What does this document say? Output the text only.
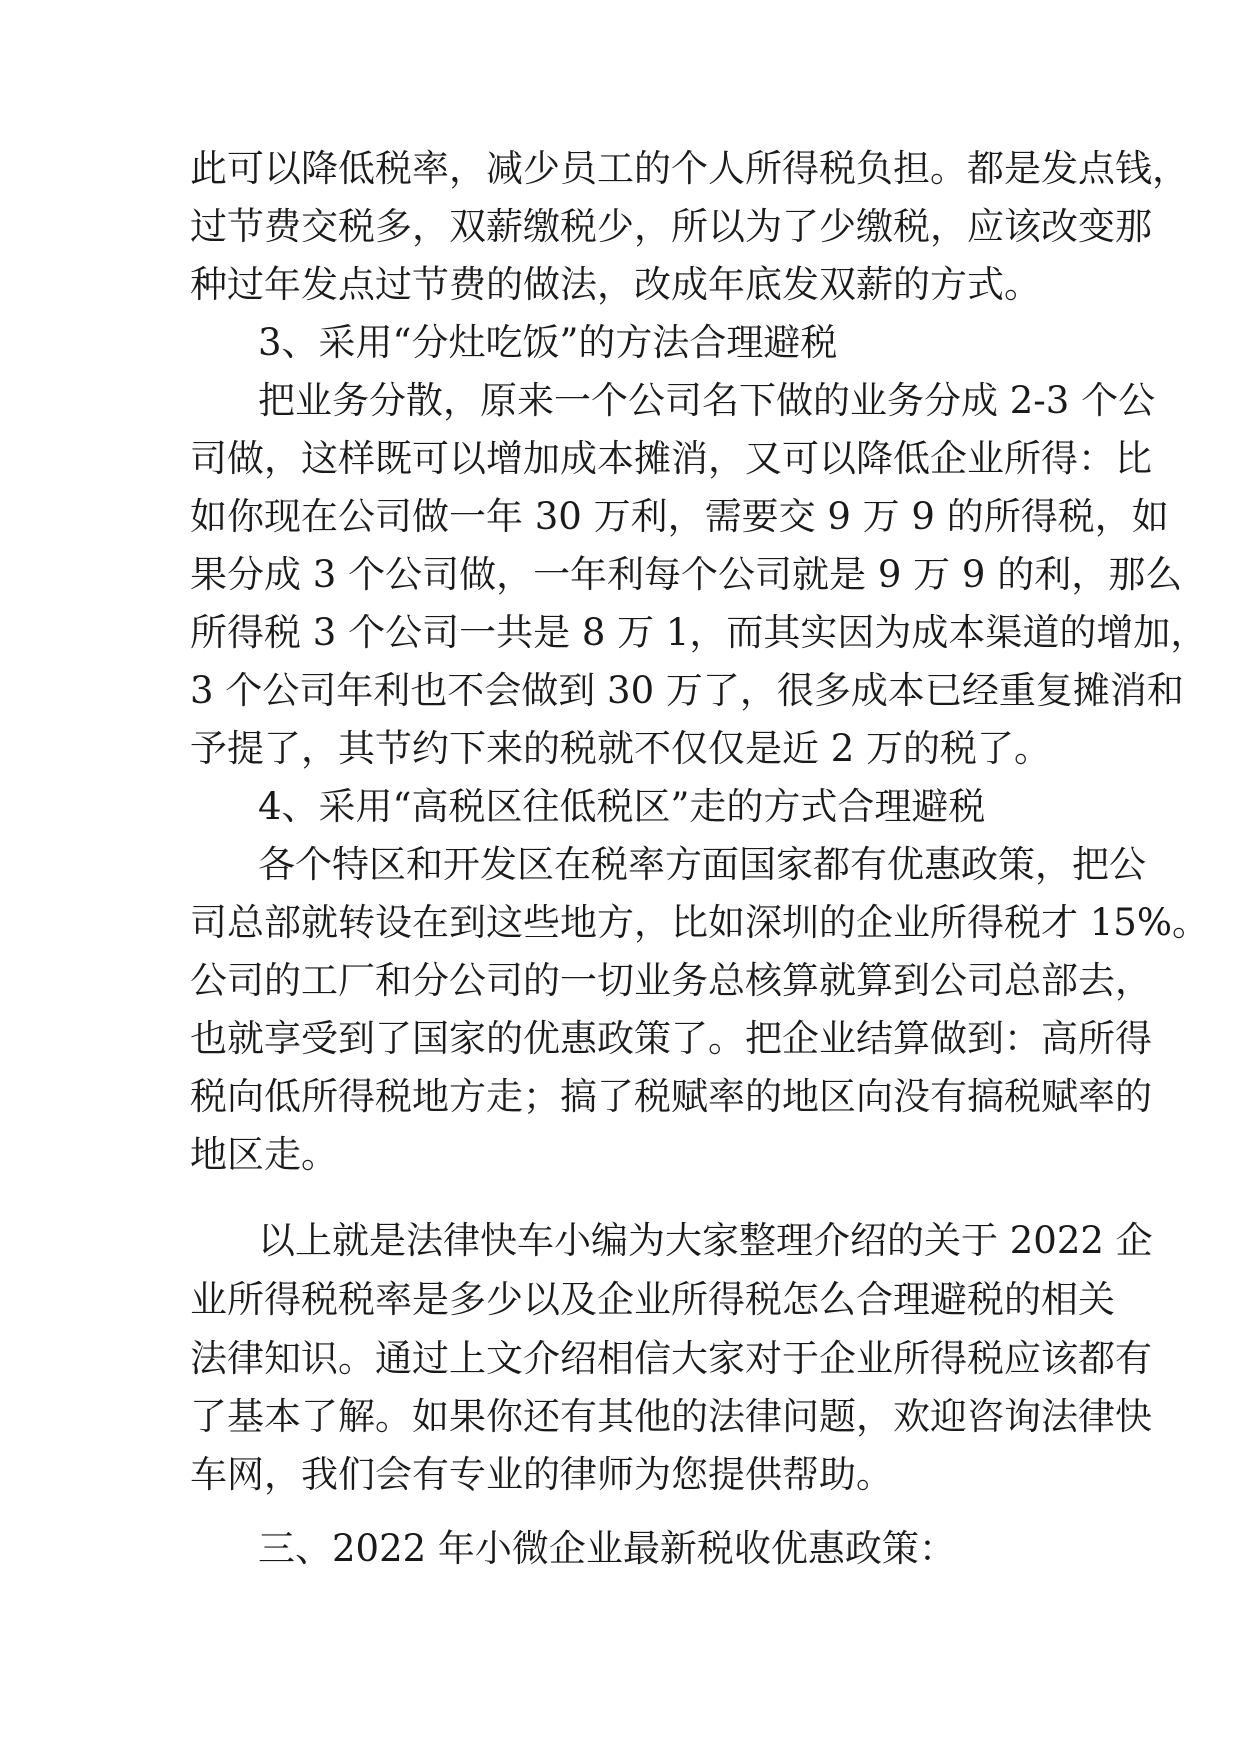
此可以降低税率，减少员工的个人所得税负担。都是发点钱，

过节费交税多，双薪缴税少，所以为了少缴税，应该改变那

种过年发点过节费的做法，改成年底发双薪的方式。

3、采用“分灶吃饭”的方法合理避税

把业务分散，原来一个公司名下做的业务分成 2-3 个公

司做，这样既可以增加成本摊消，又可以降低企业所得：比

如你现在公司做一年 30 万利，需要交 9 万 9 的所得税，如

果分成 3 个公司做，一年利每个公司就是 9 万 9 的利，那么

所得税 3 个公司一共是 8 万 1，而其实因为成本渠道的增加，

3 个公司年利也不会做到 30 万了，很多成本已经重复摊消和

予提了，其节约下来的税就不仅仅是近 2 万的税了。

4、采用“高税区往低税区”走的方式合理避税

各个特区和开发区在税率方面国家都有优惠政策，把公

司总部就转设在到这些地方，比如深圳的企业所得税才 15%。

公司的工厂和分公司的一切业务总核算就算到公司总部去，

也就享受到了国家的优惠政策了。把企业结算做到：高所得

税向低所得税地方走；搞了税赋率的地区向没有搞税赋率的

地区走。

以上就是法律快车小编为大家整理介绍的关于 2022 企

业所得税税率是多少以及企业所得税怎么合理避税的相关

法律知识。通过上文介绍相信大家对于企业所得税应该都有

了基本了解。如果你还有其他的法律问题，欢迎咨询法律快

车网，我们会有专业的律师为您提供帮助。

三、2022 年小微企业最新税收优惠政策：
